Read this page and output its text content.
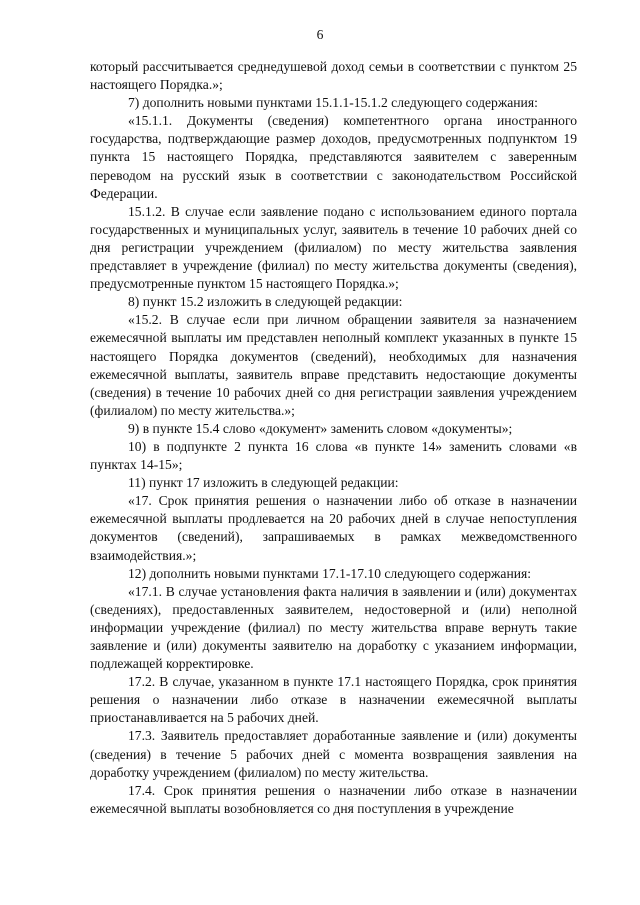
6

который рассчитывается среднедушевой доход семьи в соответствии с пунктом 25 настоящего Порядка.»;

7) дополнить новыми пунктами 15.1.1-15.1.2 следующего содержания:

«15.1.1. Документы (сведения) компетентного органа иностранного государства, подтверждающие размер доходов, предусмотренных подпунктом 19 пункта 15 настоящего Порядка, представляются заявителем с заверенным переводом на русский язык в соответствии с законодательством Российской Федерации.

15.1.2. В случае если заявление подано с использованием единого портала государственных и муниципальных услуг, заявитель в течение 10 рабочих дней со дня регистрации учреждением (филиалом) по месту жительства заявления представляет в учреждение (филиал) по месту жительства документы (сведения), предусмотренные пунктом 15 настоящего Порядка.»;

8) пункт 15.2 изложить в следующей редакции:

«15.2. В случае если при личном обращении заявителя за назначением ежемесячной выплаты им представлен неполный комплект указанных в пункте 15 настоящего Порядка документов (сведений), необходимых для назначения ежемесячной выплаты, заявитель вправе представить недостающие документы (сведения) в течение 10 рабочих дней со дня регистрации заявления учреждением (филиалом) по месту жительства.»;

9) в пункте 15.4 слово «документ» заменить словом «документы»;

10) в подпункте 2 пункта 16 слова «в пункте 14» заменить словами «в пунктах 14-15»;

11) пункт 17 изложить в следующей редакции:

«17. Срок принятия решения о назначении либо об отказе в назначении ежемесячной выплаты продлевается на 20 рабочих дней в случае непоступления документов (сведений), запрашиваемых в рамках межведомственного взаимодействия.»;

12) дополнить новыми пунктами 17.1-17.10 следующего содержания:

«17.1. В случае установления факта наличия в заявлении и (или) документах (сведениях), предоставленных заявителем, недостоверной и (или) неполной информации учреждение (филиал) по месту жительства вправе вернуть такие заявление и (или) документы заявителю на доработку с указанием информации, подлежащей корректировке.

17.2. В случае, указанном в пункте 17.1 настоящего Порядка, срок принятия решения о назначении либо отказе в назначении ежемесячной выплаты приостанавливается на 5 рабочих дней.

17.3. Заявитель предоставляет доработанные заявление и (или) документы (сведения) в течение 5 рабочих дней с момента возвращения заявления на доработку учреждением (филиалом) по месту жительства.

17.4. Срок принятия решения о назначении либо отказе в назначении ежемесячной выплаты возобновляется со дня поступления в учреждение
